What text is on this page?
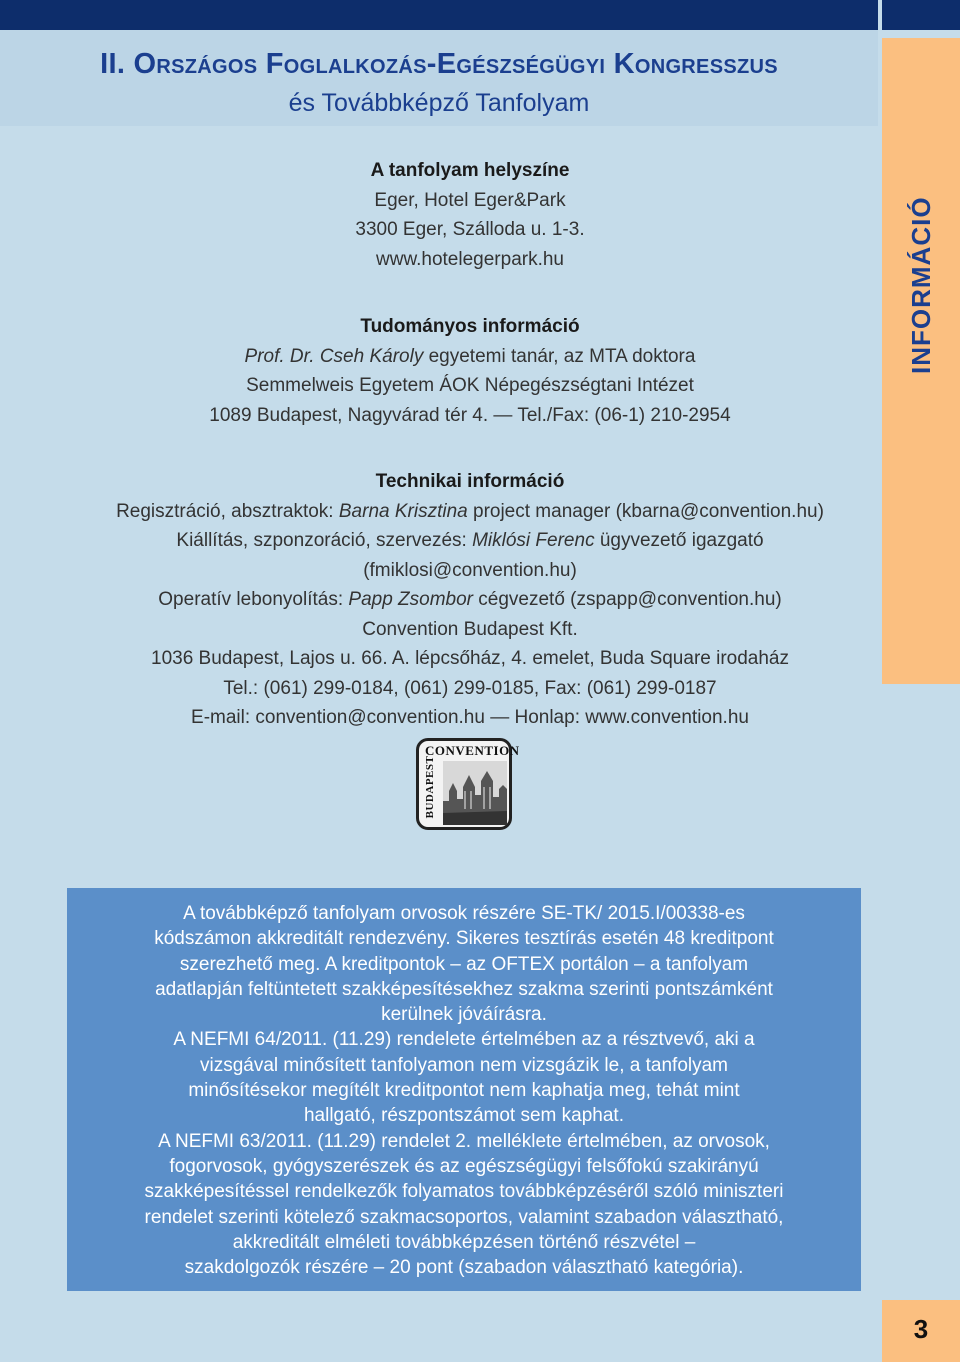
II. Országos Foglalkozás-Egészségügyi Kongresszus
és Továbbképző Tanfolyam
INFORMÁCIÓ

A tanfolyam helyszíne

Eger, Hotel Eger&Park

3300 Eger, Szálloda u. 1-3.

www.hotelegerpark.hu

Tudományos információ

Prof. Dr. Cseh Károly egyetemi tanár, az MTA doktora

Semmelweis Egyetem ÁOK Népegészségtani Intézet

1089 Budapest, Nagyvárad tér 4. — Tel./Fax: (06-1) 210-2954

Technikai információ

Regisztráció, absztraktok: Barna Krisztina project manager (kbarna@convention.hu)

Kiállítás, szponzoráció, szervezés: Miklósi Ferenc ügyvezető igazgató

(fmiklosi@convention.hu)

Operatív lebonyolítás: Papp Zsombor cégvezető (zspapp@convention.hu)

Convention Budapest Kft.

1036 Budapest, Lajos u. 66. A. lépcsőház, 4. emelet, Buda Square irodaház

Tel.: (061) 299-0184, (061) 299-0185, Fax: (061) 299-0187

E-mail: convention@convention.hu — Honlap: www.convention.hu

CONVENTION
BUDAPEST

A továbbképző tanfolyam orvosok részére SE-TK/ 2015.I/00338-es

kódszámon akkreditált rendezvény. Sikeres tesztírás esetén 48 kreditpont

szerezhető meg. A kreditpontok – az OFTEX portálon – a tanfolyam

adatlapján feltüntetett szakképesítésekhez szakma szerinti pontszámként

kerülnek jóváírásra.

A NEFMI 64/2011. (11.29) rendelete értelmében az a résztvevő, aki a

vizsgával minősített tanfolyamon nem vizsgázik le, a tanfolyam

minősítésekor megítélt kreditpontot nem kaphatja meg, tehát mint

hallgató, részpontszámot sem kaphat.

A NEFMI 63/2011. (11.29) rendelet 2. melléklete értelmében, az orvosok,

fogorvosok, gyógyszerészek és az egészségügyi felsőfokú szakirányú

szakképesítéssel rendelkezők folyamatos továbbképzéséről szóló miniszteri

rendelet szerinti kötelező szakmacsoportos, valamint szabadon választható,

akkreditált elméleti továbbképzésen történő részvétel –

szakdolgozók részére – 20 pont (szabadon választható kategória).

3
